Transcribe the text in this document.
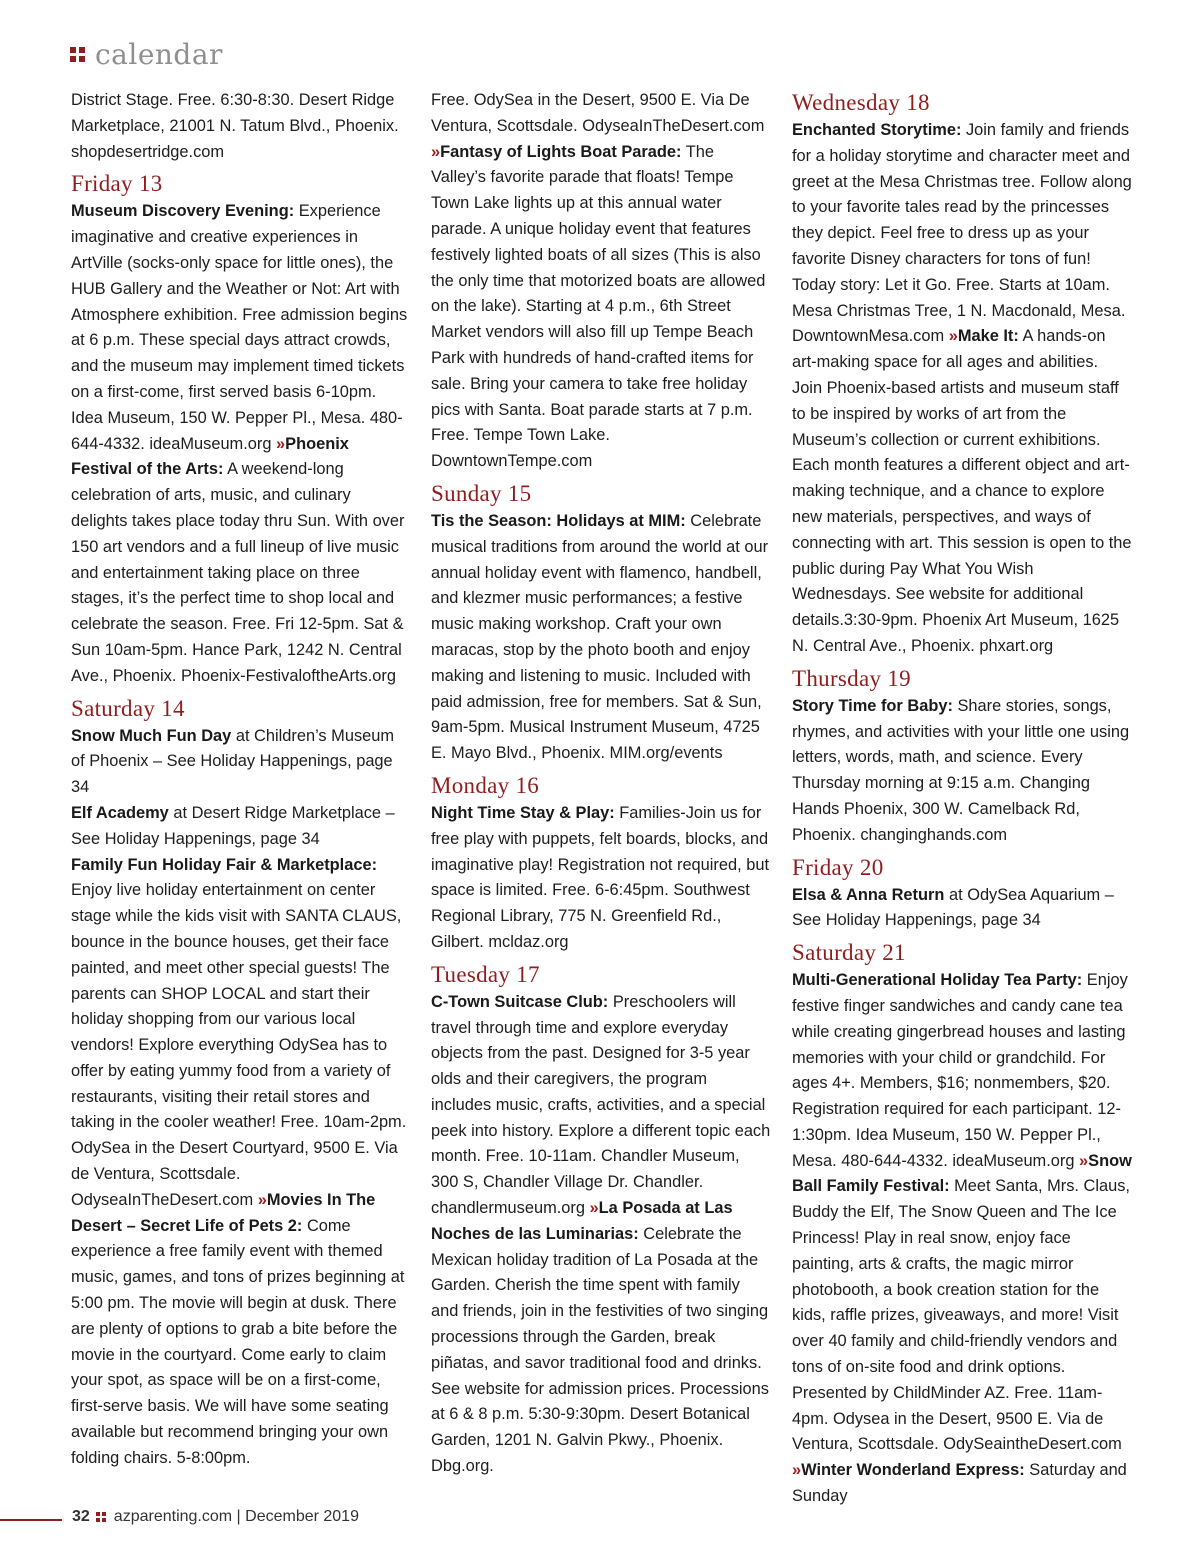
calendar

District Stage. Free. 6:30-8:30. Desert Ridge Marketplace, 21001 N. Tatum Blvd., Phoenix. shopdesertridge.com

Friday 13

Museum Discovery Evening: Experience imaginative and creative experiences in ArtVille (socks-only space for little ones), the HUB Gallery and the Weather or Not: Art with Atmosphere exhibition. Free admission begins at 6 p.m. These special days attract crowds, and the museum may implement timed tickets on a first-come, first served basis 6-10pm. Idea Museum, 150 W. Pepper Pl., Mesa. 480-644-4332. ideaMuseum.org »Phoenix Festival of the Arts: A weekend-long celebration of arts, music, and culinary delights takes place today thru Sun. With over 150 art vendors and a full lineup of live music and entertainment taking place on three stages, it’s the perfect time to shop local and celebrate the season. Free. Fri 12-5pm. Sat & Sun 10am-5pm. Hance Park, 1242 N. Central Ave., Phoenix. Phoenix-FestivaloftheArts.org

Saturday 14

Snow Much Fun Day at Children’s Museum of Phoenix – See Holiday Happenings, page 34

Elf Academy at Desert Ridge Marketplace – See Holiday Happenings, page 34

Family Fun Holiday Fair & Marketplace: Enjoy live holiday entertainment on center stage while the kids visit with SANTA CLAUS, bounce in the bounce houses, get their face painted, and meet other special guests! The parents can SHOP LOCAL and start their holiday shopping from our various local vendors! Explore everything OdySea has to offer by eating yummy food from a variety of restaurants, visiting their retail stores and taking in the cooler weather! Free. 10am-2pm. OdySea in the Desert Courtyard, 9500 E. Via de Ventura, Scottsdale. OdyseaInTheDesert.com »Movies In The Desert – Secret Life of Pets 2: Come experience a free family event with themed music, games, and tons of prizes beginning at 5:00 pm. The movie will begin at dusk. There are plenty of options to grab a bite before the movie in the courtyard. Come early to claim your spot, as space will be on a first-come, first-serve basis. We will have some seating available but recommend bringing your own folding chairs. 5-8:00pm.

Free. OdySea in the Desert, 9500 E. Via De Ventura, Scottsdale. OdyseaInTheDesert.com »Fantasy of Lights Boat Parade: The Valley’s favorite parade that floats! Tempe Town Lake lights up at this annual water parade. A unique holiday event that features festively lighted boats of all sizes (This is also the only time that motorized boats are allowed on the lake). Starting at 4 p.m., 6th Street Market vendors will also fill up Tempe Beach Park with hundreds of hand-crafted items for sale. Bring your camera to take free holiday pics with Santa. Boat parade starts at 7 p.m. Free. Tempe Town Lake. DowntownTempe.com

Sunday 15

Tis the Season: Holidays at MIM: Celebrate musical traditions from around the world at our annual holiday event with flamenco, handbell, and klezmer music performances; a festive music making workshop. Craft your own maracas, stop by the photo booth and enjoy making and listening to music. Included with paid admission, free for members. Sat & Sun, 9am-5pm. Musical Instrument Museum, 4725 E. Mayo Blvd., Phoenix. MIM.org/events

Monday 16

Night Time Stay & Play: Families-Join us for free play with puppets, felt boards, blocks, and imaginative play! Registration not required, but space is limited. Free. 6-6:45pm. Southwest Regional Library, 775 N. Greenfield Rd., Gilbert. mcldaz.org

Tuesday 17

C-Town Suitcase Club: Preschoolers will travel through time and explore everyday objects from the past. Designed for 3-5 year olds and their caregivers, the program includes music, crafts, activities, and a special peek into history. Explore a different topic each month. Free. 10-11am. Chandler Museum, 300 S, Chandler Village Dr. Chandler. chandlermuseum.org »La Posada at Las Noches de las Luminarias: Celebrate the Mexican holiday tradition of La Posada at the Garden. Cherish the time spent with family and friends, join in the festivities of two singing processions through the Garden, break piñatas, and savor traditional food and drinks. See website for admission prices. Processions at 6 & 8 p.m. 5:30-9:30pm. Desert Botanical Garden, 1201 N. Galvin Pkwy., Phoenix. Dbg.org.

Wednesday 18

Enchanted Storytime: Join family and friends for a holiday storytime and character meet and greet at the Mesa Christmas tree. Follow along to your favorite tales read by the princesses they depict. Feel free to dress up as your favorite Disney characters for tons of fun! Today story: Let it Go. Free. Starts at 10am. Mesa Christmas Tree, 1 N. Macdonald, Mesa. DowntownMesa.com »Make It: A hands-on art-making space for all ages and abilities. Join Phoenix-based artists and museum staff to be inspired by works of art from the Museum’s collection or current exhibitions. Each month features a different object and art-making technique, and a chance to explore new materials, perspectives, and ways of connecting with art. This session is open to the public during Pay What You Wish Wednesdays. See website for additional details.3:30-9pm. Phoenix Art Museum, 1625 N. Central Ave., Phoenix. phxart.org

Thursday 19

Story Time for Baby: Share stories, songs, rhymes, and activities with your little one using letters, words, math, and science. Every Thursday morning at 9:15 a.m. Changing Hands Phoenix, 300 W. Camelback Rd, Phoenix. changinghands.com

Friday 20

Elsa & Anna Return at OdySea Aquarium – See Holiday Happenings, page 34

Saturday 21

Multi-Generational Holiday Tea Party: Enjoy festive finger sandwiches and candy cane tea while creating gingerbread houses and lasting memories with your child or grandchild. For ages 4+. Members, $16; nonmembers, $20. Registration required for each participant. 12-1:30pm. Idea Museum, 150 W. Pepper Pl., Mesa. 480-644-4332. ideaMuseum.org »Snow Ball Family Festival: Meet Santa, Mrs. Claus, Buddy the Elf, The Snow Queen and The Ice Princess! Play in real snow, enjoy face painting, arts & crafts, the magic mirror photobooth, a book creation station for the kids, raffle prizes, giveaways, and more! Visit over 40 family and child-friendly vendors and tons of on-site food and drink options. Presented by ChildMinder AZ. Free. 11am-4pm. Odysea in the Desert, 9500 E. Via de Ventura, Scottsdale. OdySeaintheDesert.com »Winter Wonderland Express: Saturday and Sunday

32 azparenting.com | December 2019
